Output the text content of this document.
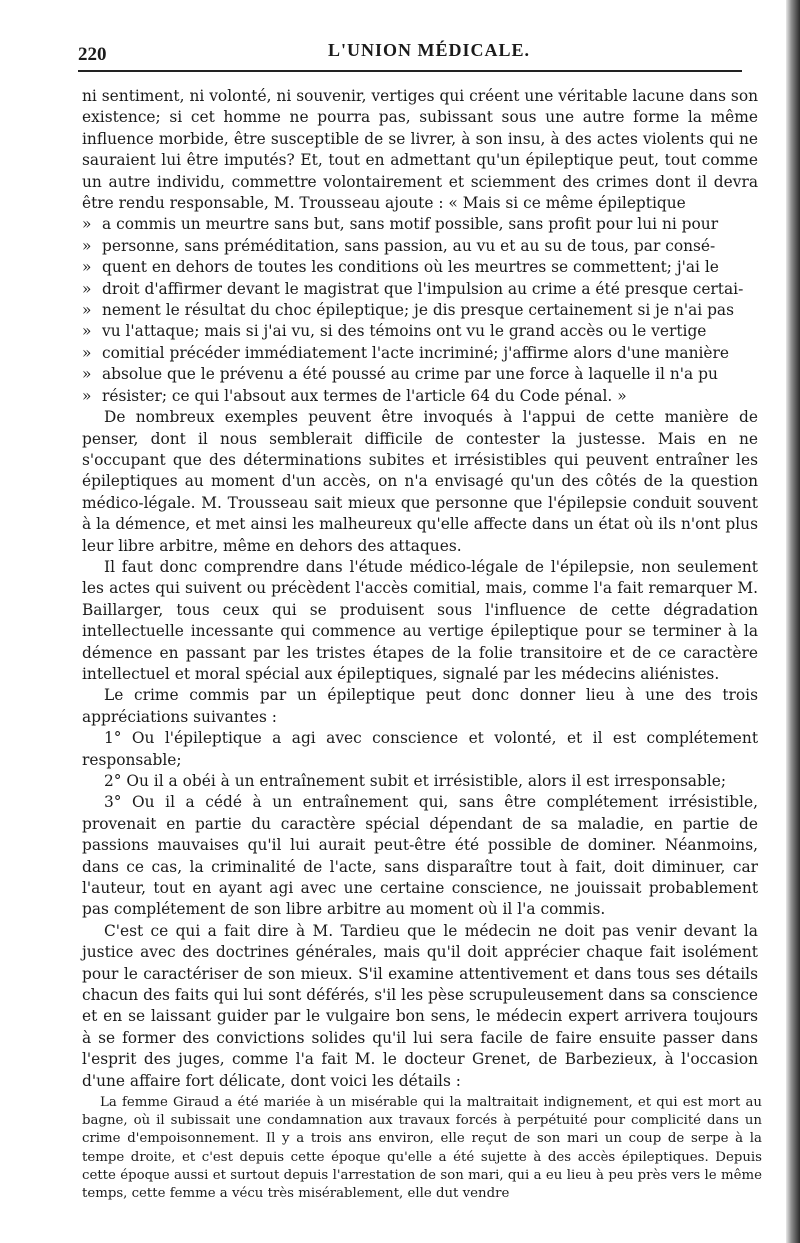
220	L'UNION MÉDICALE.

ni sentiment, ni volonté, ni souvenir, vertiges qui créent une véritable lacune dans son existence; si cet homme ne pourra pas, subissant sous une autre forme la même influence morbide, être susceptible de se livrer, à son insu, à des actes violents qui ne sauraient lui être imputés? Et, tout en admettant qu'un épileptique peut, tout comme un autre individu, commettre volontairement et sciemment des crimes dont il devra être rendu responsable, M. Trousseau ajoute : « Mais si ce même épileptique

» a commis un meurtre sans but, sans motif possible, sans profit pour lui ni pour
» personne, sans préméditation, sans passion, au vu et au su de tous, par consé-
» quent en dehors de toutes les conditions où les meurtres se commettent; j'ai le
» droit d'affirmer devant le magistrat que l'impulsion au crime a été presque certai-
» nement le résultat du choc épileptique; je dis presque certainement si je n'ai pas
» vu l'attaque; mais si j'ai vu, si des témoins ont vu le grand accès ou le vertige
» comitial précéder immédiatement l'acte incriminé; j'affirme alors d'une manière
» absolue que le prévenu a été poussé au crime par une force à laquelle il n'a pu
» résister; ce qui l'absout aux termes de l'article 64 du Code pénal. »

De nombreux exemples peuvent être invoqués à l'appui de cette manière de penser, dont il nous semblerait difficile de contester la justesse. Mais en ne s'occupant que des déterminations subites et irrésistibles qui peuvent entraîner les épileptiques au moment d'un accès, on n'a envisagé qu'un des côtés de la question médico-légale. M. Trousseau sait mieux que personne que l'épilepsie conduit souvent à la démence, et met ainsi les malheureux qu'elle affecte dans un état où ils n'ont plus leur libre arbitre, même en dehors des attaques.

Il faut donc comprendre dans l'étude médico-légale de l'épilepsie, non seulement les actes qui suivent ou précèdent l'accès comitial, mais, comme l'a fait remarquer M. Baillarger, tous ceux qui se produisent sous l'influence de cette dégradation intellectuelle incessante qui commence au vertige épileptique pour se terminer à la démence en passant par les tristes étapes de la folie transitoire et de ce caractère intellectuel et moral spécial aux épileptiques, signalé par les médecins aliénistes.

Le crime commis par un épileptique peut donc donner lieu à une des trois appréciations suivantes :

1° Ou l'épileptique a agi avec conscience et volonté, et il est complétement responsable;

2° Ou il a obéi à un entraînement subit et irrésistible, alors il est irresponsable;

3° Ou il a cédé à un entraînement qui, sans être complétement irrésistible, provenait en partie du caractère spécial dépendant de sa maladie, en partie de passions mauvaises qu'il lui aurait peut-être été possible de dominer. Néanmoins, dans ce cas, la criminalité de l'acte, sans disparaître tout à fait, doit diminuer, car l'auteur, tout en ayant agi avec une certaine conscience, ne jouissait probablement pas complétement de son libre arbitre au moment où il l'a commis.

C'est ce qui a fait dire à M. Tardieu que le médecin ne doit pas venir devant la justice avec des doctrines générales, mais qu'il doit apprécier chaque fait isolément pour le caractériser de son mieux. S'il examine attentivement et dans tous ses détails chacun des faits qui lui sont déférés, s'il les pèse scrupuleusement dans sa conscience et en se laissant guider par le vulgaire bon sens, le médecin expert arrivera toujours à se former des convictions solides qu'il lui sera facile de faire ensuite passer dans l'esprit des juges, comme l'a fait M. le docteur Grenet, de Barbezieux, à l'occasion d'une affaire fort délicate, dont voici les détails :

La femme Giraud a été mariée à un misérable qui la maltraitait indignement, et qui est mort au bagne, où il subissait une condamnation aux travaux forcés à perpétuité pour complicité dans un crime d'empoisonnement. Il y a trois ans environ, elle reçut de son mari un coup de serpe à la tempe droite, et c'est depuis cette époque qu'elle a été sujette à des accès épileptiques. Depuis cette époque aussi et surtout depuis l'arrestation de son mari, qui a eu lieu à peu près vers le même temps, cette femme a vécu très misérablement, elle dut vendre
